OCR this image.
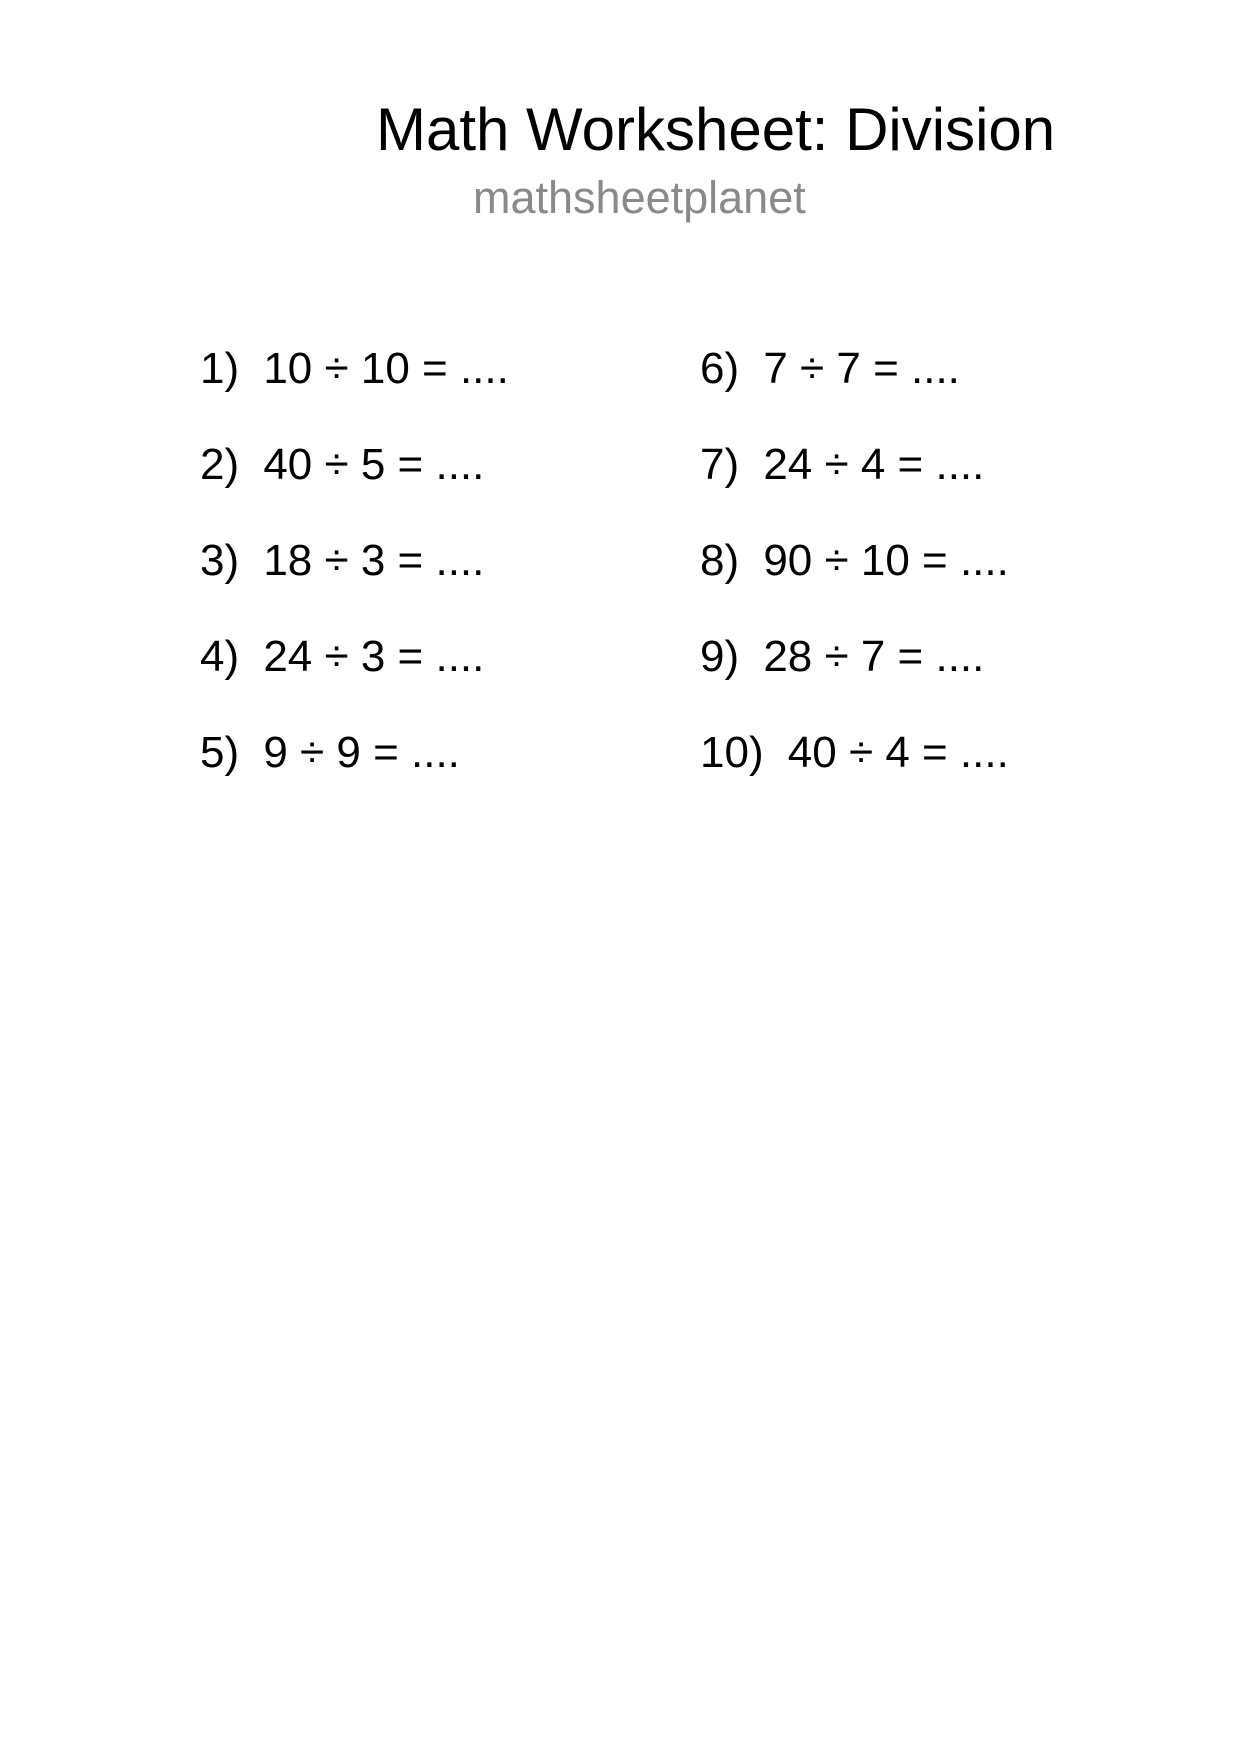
Math Worksheet: Division
mathsheetplanet
1) 10 ÷ 10 = ....
2) 40 ÷ 5 = ....
3) 18 ÷ 3 = ....
4) 24 ÷ 3 = ....
5) 9 ÷ 9 = ....
6) 7 ÷ 7 = ....
7) 24 ÷ 4 = ....
8) 90 ÷ 10 = ....
9) 28 ÷ 7 = ....
10) 40 ÷ 4 = ....
